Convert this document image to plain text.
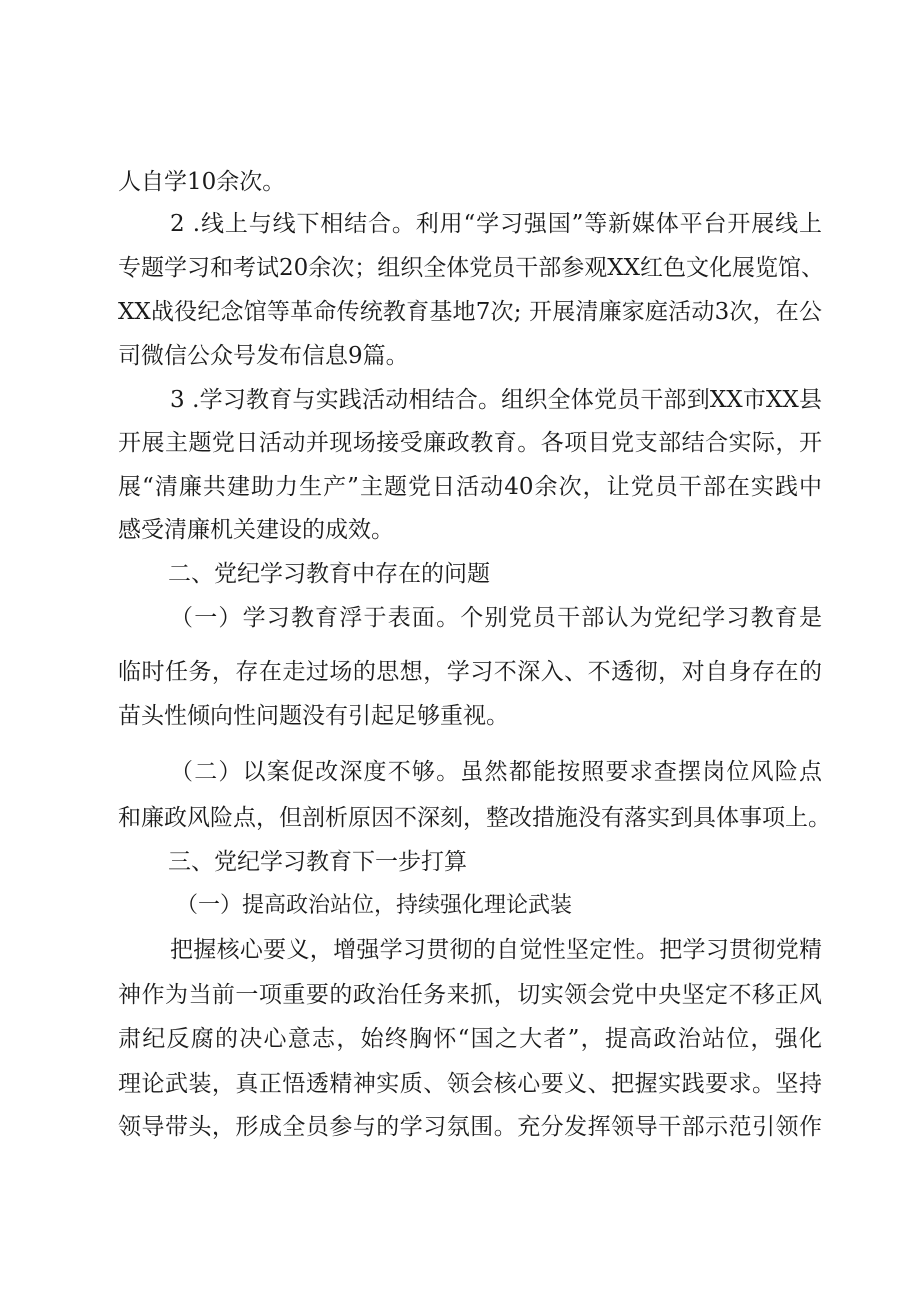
人自学10余次。
2 .线上与线下相结合。利用“学习强国”等新媒体平台开展线上
专题学习和考试20余次；组织全体党员干部参观XX红色文化展览馆、
XX战役纪念馆等革命传统教育基地7次; 开展清廉家庭活动3次，在公
司微信公众号发布信息9篇。
3 .学习教育与实践活动相结合。组织全体党员干部到XX市XX县
开展主题党日活动并现场接受廉政教育。各项目党支部结合实际，开
展“清廉共建助力生产”主题党日活动40余次，让党员干部在实践中
感受清廉机关建设的成效。
二、党纪学习教育中存在的问题
（一）学习教育浮于表面。个别党员干部认为党纪学习教育是
临时任务，存在走过场的思想，学习不深入、不透彻，对自身存在的
苗头性倾向性问题没有引起足够重视。
（二）以案促改深度不够。虽然都能按照要求查摆岗位风险点
和廉政风险点，但剖析原因不深刻，整改措施没有落实到具体事项上。
三、党纪学习教育下一步打算
（一）提高政治站位，持续强化理论武装
把握核心要义，增强学习贯彻的自觉性坚定性。把学习贯彻党精
神作为当前一项重要的政治任务来抓，切实领会党中央坚定不移正风
肃纪反腐的决心意志，始终胸怀“国之大者”，提高政治站位，强化
理论武装，真正悟透精神实质、领会核心要义、把握实践要求。坚持
领导带头，形成全员参与的学习氛围。充分发挥领导干部示范引领作
